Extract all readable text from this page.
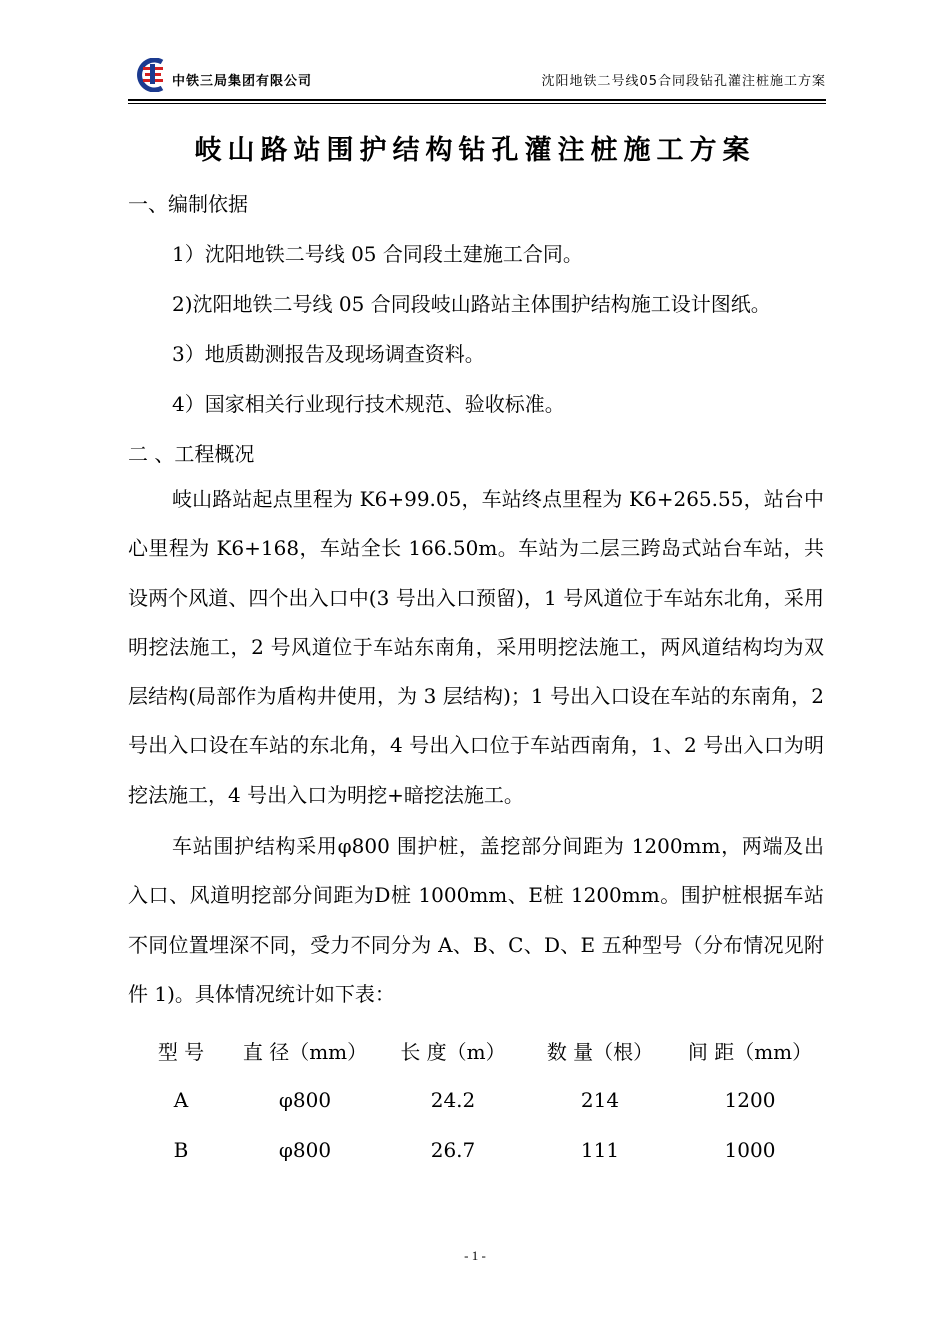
中铁三局集团有限公司	沈阳地铁二号线05合同段钻孔灌注桩施工方案
岐山路站围护结构钻孔灌注桩施工方案
一、编制依据
1）沈阳地铁二号线 05 合同段土建施工合同。
2)沈阳地铁二号线 05 合同段岐山路站主体围护结构施工设计图纸。
3）地质勘测报告及现场调查资料。
4）国家相关行业现行技术规范、验收标准。
二 、工程概况
岐山路站起点里程为 K6+99.05，车站终点里程为 K6+265.55，站台中心里程为 K6+168，车站全长 166.50m。车站为二层三跨岛式站台车站，共设两个风道、四个出入口中(3 号出入口预留)，1 号风道位于车站东北角，采用明挖法施工，2 号风道位于车站东南角，采用明挖法施工，两风道结构均为双层结构(局部作为盾构井使用，为 3 层结构)；1 号出入口设在车站的东南角，2 号出入口设在车站的东北角，4 号出入口位于车站西南角，1、2 号出入口为明挖法施工，4 号出入口为明挖+暗挖法施工。
车站围护结构采用φ800 围护桩，盖挖部分间距为 1200mm，两端及出入口、风道明挖部分间距为D桩 1000mm、E桩 1200mm。围护桩根据车站不同位置埋深不同，受力不同分为 A、B、C、D、E 五种型号（分布情况见附件 1)。具体情况统计如下表：
型 号	直 径（mm）	长 度（m）	数 量（根）	间 距（mm）
A	φ800	24.2	214	1200
B	φ800	26.7	111	1000
- 1 -
